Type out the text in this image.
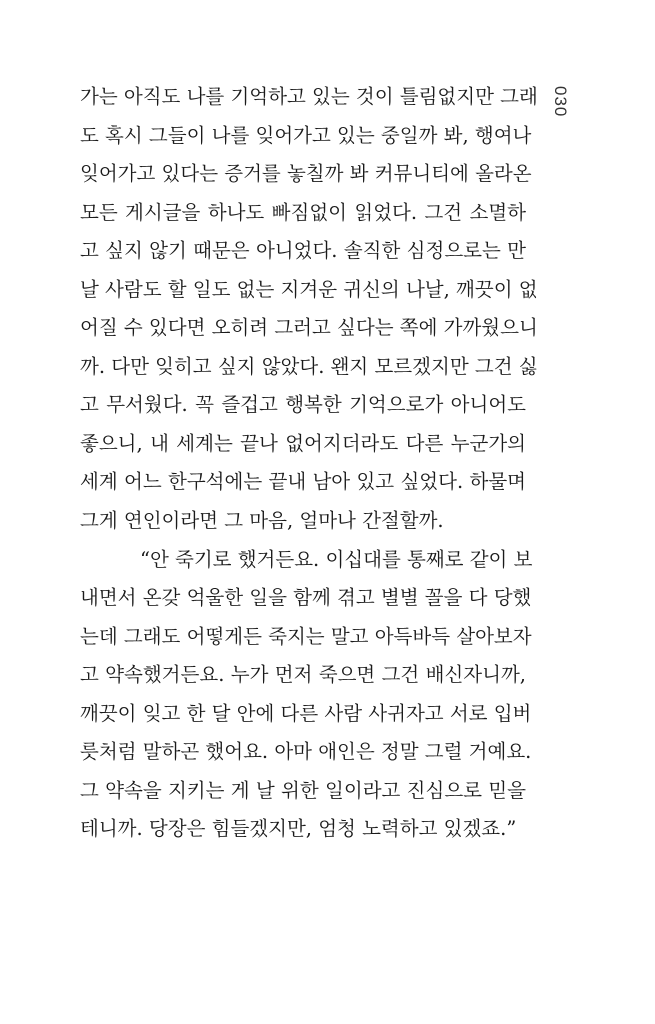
030
가는 아직도 나를 기억하고 있는 것이 틀림없지만 그래
도 혹시 그들이 나를 잊어가고 있는 중일까 봐, 행여나
잊어가고 있다는 증거를 놓칠까 봐 커뮤니티에 올라온
모든 게시글을 하나도 빠짐없이 읽었다. 그건 소멸하
고 싶지 않기 때문은 아니었다. 솔직한 심정으로는 만
날 사람도 할 일도 없는 지겨운 귀신의 나날, 깨끗이 없
어질 수 있다면 오히려 그러고 싶다는 쪽에 가까웠으니
까. 다만 잊히고 싶지 않았다. 왠지 모르겠지만 그건 싫
고 무서웠다. 꼭 즐겁고 행복한 기억으로가 아니어도
좋으니, 내 세계는 끝나 없어지더라도 다른 누군가의
세계 어느 한구석에는 끝내 남아 있고 싶었다. 하물며
그게 연인이라면 그 마음, 얼마나 간절할까.
“안 죽기로 했거든요. 이십대를 통째로 같이 보
내면서 온갖 억울한 일을 함께 겪고 별별 꼴을 다 당했
는데 그래도 어떻게든 죽지는 말고 아득바득 살아보자
고 약속했거든요. 누가 먼저 죽으면 그건 배신자니까,
깨끗이 잊고 한 달 안에 다른 사람 사귀자고 서로 입버
릇처럼 말하곤 했어요. 아마 애인은 정말 그럴 거예요.
그 약속을 지키는 게 날 위한 일이라고 진심으로 믿을
테니까. 당장은 힘들겠지만, 엄청 노력하고 있겠죠.”
